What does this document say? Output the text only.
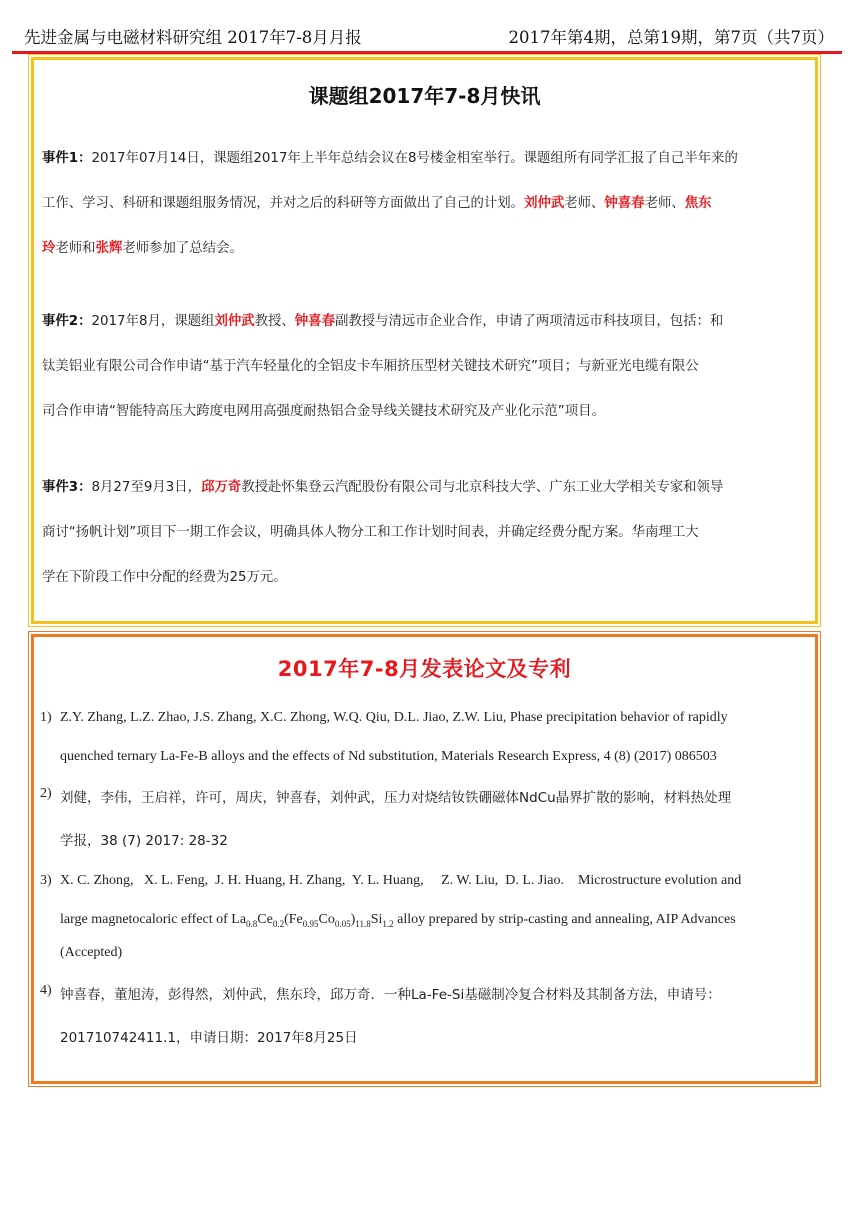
先进金属与电磁材料研究组 2017年7-8月月报	2017年第4期，总第19期，第7页（共7页）
课题组2017年7-8月快讯
事件1：2017年07月14日，课题组2017年上半年总结会议在8号楼金相室举行。课题组所有同学汇报了自己半年来的
工作、学习、科研和课题组服务情况，并对之后的科研等方面做出了自己的计划。刘仲武老师、钟喜春老师、焦东
玲老师和张辉老师参加了总结会。
事件2：2017年8月，课题组刘仲武教授、钟喜春副教授与清远市企业合作，申请了两项清远市科技项目，包括：和
钛美铝业有限公司合作申请“基于汽车轻量化的全铝皮卡车厢挤压型材关键技术研究”项目；与新亚光电缆有限公
司合作申请“智能特高压大跨度电网用高强度耐热铝合金导线关键技术研究及产业化示范”项目。
事件3：8月27至9月3日，邱万奇教授赴怀集登云汽配股份有限公司与北京科技大学、广东工业大学相关专家和领导
商讨“扬帆计划”项目下一期工作会议，明确具体人物分工和工作计划时间表，并确定经费分配方案。华南理工大
学在下阶段工作中分配的经费为25万元。
2017年7-8月发表论文及专利
1) Z.Y. Zhang, L.Z. Zhao, J.S. Zhang, X.C. Zhong, W.Q. Qiu, D.L. Jiao, Z.W. Liu, Phase precipitation behavior of rapidly
quenched ternary La-Fe-B alloys and the effects of Nd substitution, Materials Research Express, 4 (8) (2017) 086503
2) 刘健，李伟，王启祥，许可，周庆，钟喜春，刘仲武，压力对烧结钕铁硼磁体NdCu晶界扩散的影响，材料热处理
学报，38 (7) 2017: 28-32
3) X. C. Zhong,   X. L. Feng,  J. H. Huang, H. Zhang,  Y. L. Huang,     Z. W. Liu,  D. L. Jiao.    Microstructure evolution and
large magnetocaloric effect of $La_{0.8}Ce_{0.2}(Fe_{0.95}Co_{0.05})_{11.8}Si_{1.2}$ alloy prepared by strip-casting and annealing, AIP Advances
(Accepted)
4) 钟喜春，董旭涛，彭得然，刘仲武，焦东玲，邱万奇．一种La-Fe-Si基磁制冷复合材料及其制备方法，申请号：
201710742411.1，申请日期：2017年8月25日
